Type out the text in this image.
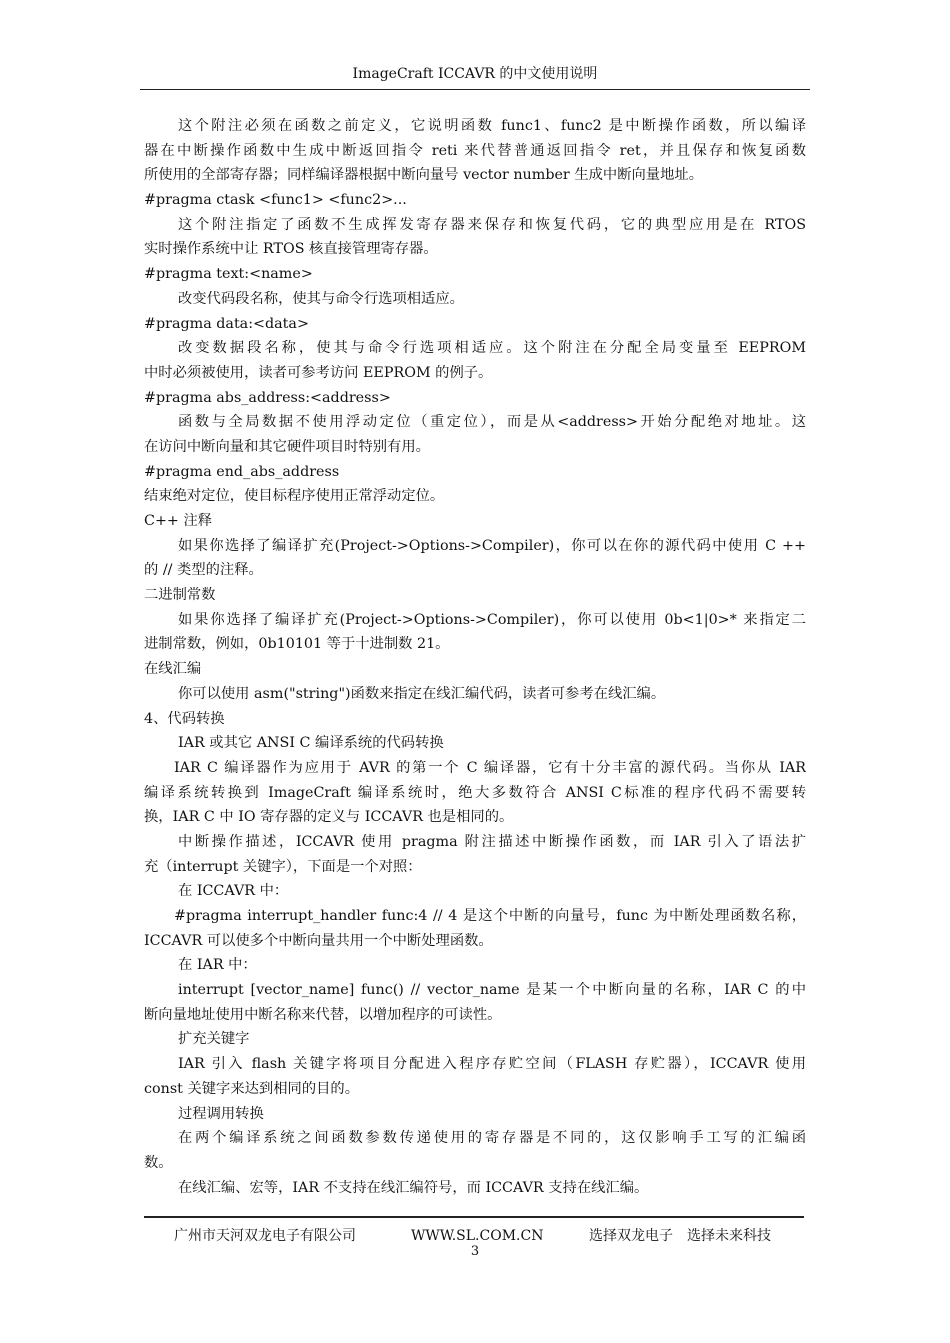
ImageCraft ICCAVR 的中文使用说明
这个附注必须在函数之前定义，它说明函数 func1、func2 是中断操作函数，所以编译
器在中断操作函数中生成中断返回指令 reti 来代替普通返回指令 ret，并且保存和恢复函数
所使用的全部寄存器；同样编译器根据中断向量号 vector number 生成中断向量地址。
#pragma ctask <func1> <func2>...
这个附注指定了函数不生成挥发寄存器来保存和恢复代码，它的典型应用是在 RTOS
实时操作系统中让 RTOS 核直接管理寄存器。
#pragma text:<name>
改变代码段名称，使其与命令行选项相适应。
#pragma data:<data>
改变数据段名称，使其与命令行选项相适应。这个附注在分配全局变量至 EEPROM
中时必须被使用，读者可参考访问 EEPROM 的例子。
#pragma abs_address:<address>
函数与全局数据不使用浮动定位（重定位），而是从<address>开始分配绝对地址。这
在访问中断向量和其它硬件项目时特别有用。
#pragma end_abs_address
结束绝对定位，使目标程序使用正常浮动定位。
C++ 注释
如果你选择了编译扩充(Project->Options->Compiler)，你可以在你的源代码中使用 C ++
的 // 类型的注释。
二进制常数
如果你选择了编译扩充(Project->Options->Compiler)，你可以使用 0b<1|0>* 来指定二
进制常数，例如，0b10101 等于十进制数 21。
在线汇编
你可以使用 asm("string")函数来指定在线汇编代码，读者可参考在线汇编。
4、代码转换
IAR 或其它 ANSI C 编译系统的代码转换
IAR C 编译器作为应用于 AVR 的第一个 C 编译器，它有十分丰富的源代码。当你从 IAR
编译系统转换到 ImageCraft 编译系统时，绝大多数符合 ANSI C标准的程序代码不需要转
换，IAR C 中 IO 寄存器的定义与 ICCAVR 也是相同的。
中断操作描述，ICCAVR 使用 pragma 附注描述中断操作函数，而 IAR 引入了语法扩
充（interrupt 关键字），下面是一个对照：
在 ICCAVR 中：
#pragma interrupt_handler func:4 // 4 是这个中断的向量号，func 为中断处理函数名称，
ICCAVR 可以使多个中断向量共用一个中断处理函数。
在 IAR 中：
interrupt [vector_name] func() // vector_name 是某一个中断向量的名称，IAR C 的中
断向量地址使用中断名称来代替，以增加程序的可读性。
扩充关键字
IAR 引入 flash 关键字将项目分配进入程序存贮空间（FLASH 存贮器），ICCAVR 使用
const 关键字来达到相同的目的。
过程调用转换
在两个编译系统之间函数参数传递使用的寄存器是不同的，这仅影响手工写的汇编函
数。
在线汇编、宏等，IAR 不支持在线汇编符号，而 ICCAVR 支持在线汇编。
广州市天河双龙电子有限公司	WWW.SL.COM.CN	选择双龙电子　选择未来科技
3
